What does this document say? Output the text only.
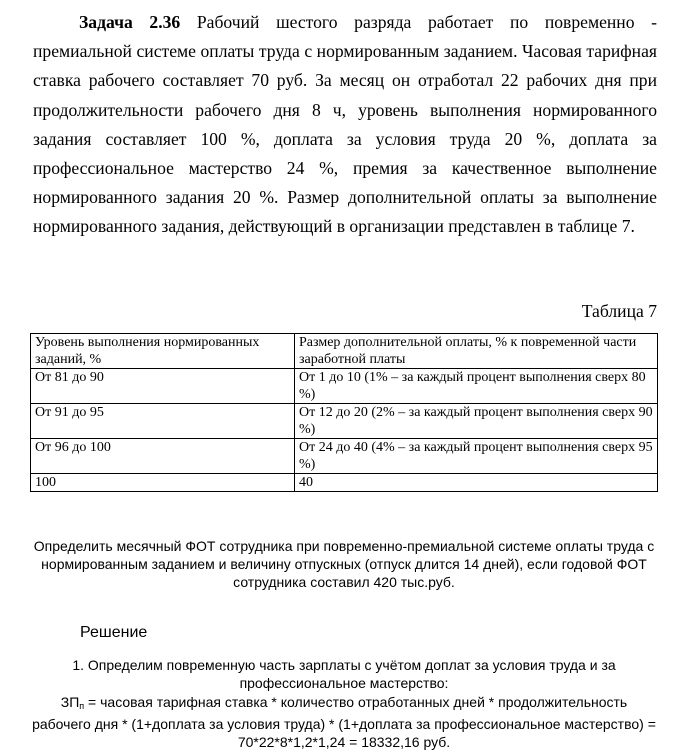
Задача 2.36 Рабочий шестого разряда работает по повременно - премиальной системе оплаты труда с нормированным заданием. Часовая тарифная ставка рабочего составляет 70 руб. За месяц он отработал 22 рабочих дня при продолжительности рабочего дня 8 ч, уровень выполнения нормированного задания составляет 100 %, доплата за условия труда 20 %, доплата за профессиональное мастерство 24 %, премия за качественное выполнение нормированного задания 20 %. Размер дополнительной оплаты за выполнение нормированного задания, действующий в организации представлен в таблице 7.

Таблица 7

Уровень выполнения нормированных заданий, %	Размер дополнительной оплаты, % к повременной части заработной платы
От 81 до 90	От 1 до 10 (1% – за каждый процент выполнения сверх 80 %)
От 91 до 95	От 12 до 20 (2% – за каждый процент выполнения сверх 90 %)
От 96 до 100	От 24 до 40 (4% – за каждый процент выполнения сверх 95 %)
100	40

Определить месячный ФОТ сотрудника при повременно-премиальной системе оплаты труда с нормированным заданием и величину отпускных (отпуск длится 14 дней), если годовой ФОТ сотрудника составил 420 тыс.руб.

Решение

1. Определим повременную часть зарплаты с учётом доплат за условия труда и за профессиональное мастерство:

$ЗП_п$ = часовая тарифная ставка * количество отработанных дней * продолжительность рабочего дня * (1+доплата за условия труда) * (1+доплата за профессиональное мастерство) = 70*22*8*1,2*1,24 = 18332,16 руб.
